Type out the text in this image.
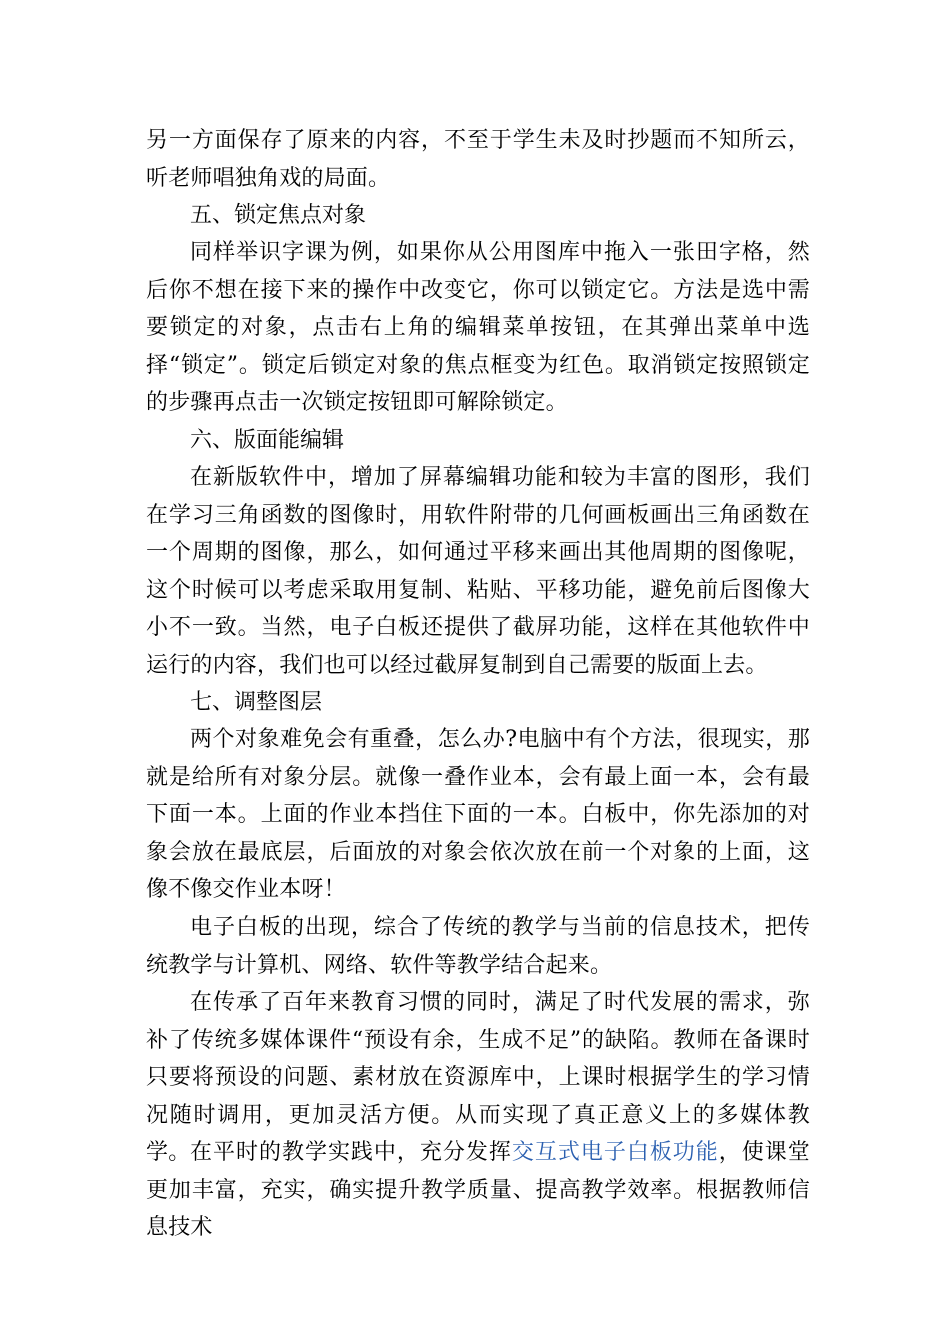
另一方面保存了原来的内容，不至于学生未及时抄题而不知所云，听老师唱独角戏的局面。

五、锁定焦点对象

同样举识字课为例，如果你从公用图库中拖入一张田字格，然后你不想在接下来的操作中改变它，你可以锁定它。方法是选中需要锁定的对象，点击右上角的编辑菜单按钮，在其弹出菜单中选择“锁定”。锁定后锁定对象的焦点框变为红色。取消锁定按照锁定的步骤再点击一次锁定按钮即可解除锁定。

六、版面能编辑

在新版软件中，增加了屏幕编辑功能和较为丰富的图形，我们在学习三角函数的图像时，用软件附带的几何画板画出三角函数在一个周期的图像，那么，如何通过平移来画出其他周期的图像呢，这个时候可以考虑采取用复制、粘贴、平移功能，避免前后图像大小不一致。当然，电子白板还提供了截屏功能，这样在其他软件中运行的内容，我们也可以经过截屏复制到自己需要的版面上去。

七、调整图层

两个对象难免会有重叠，怎么办?电脑中有个方法，很现实，那就是给所有对象分层。就像一叠作业本，会有最上面一本，会有最下面一本。上面的作业本挡住下面的一本。白板中，你先添加的对象会放在最底层，后面放的对象会依次放在前一个对象的上面，这像不像交作业本呀！

电子白板的出现，综合了传统的教学与当前的信息技术，把传统教学与计算机、网络、软件等教学结合起来。

在传承了百年来教育习惯的同时，满足了时代发展的需求，弥补了传统多媒体课件“预设有余，生成不足”的缺陷。教师在备课时只要将预设的问题、素材放在资源库中，上课时根据学生的学习情况随时调用，更加灵活方便。从而实现了真正意义上的多媒体教学。 在平时的教学实践中，充分发挥交互式电子白板功能，使课堂更加丰富，充实，确实提升教学质量、提高教学效率。根据教师信息技术
